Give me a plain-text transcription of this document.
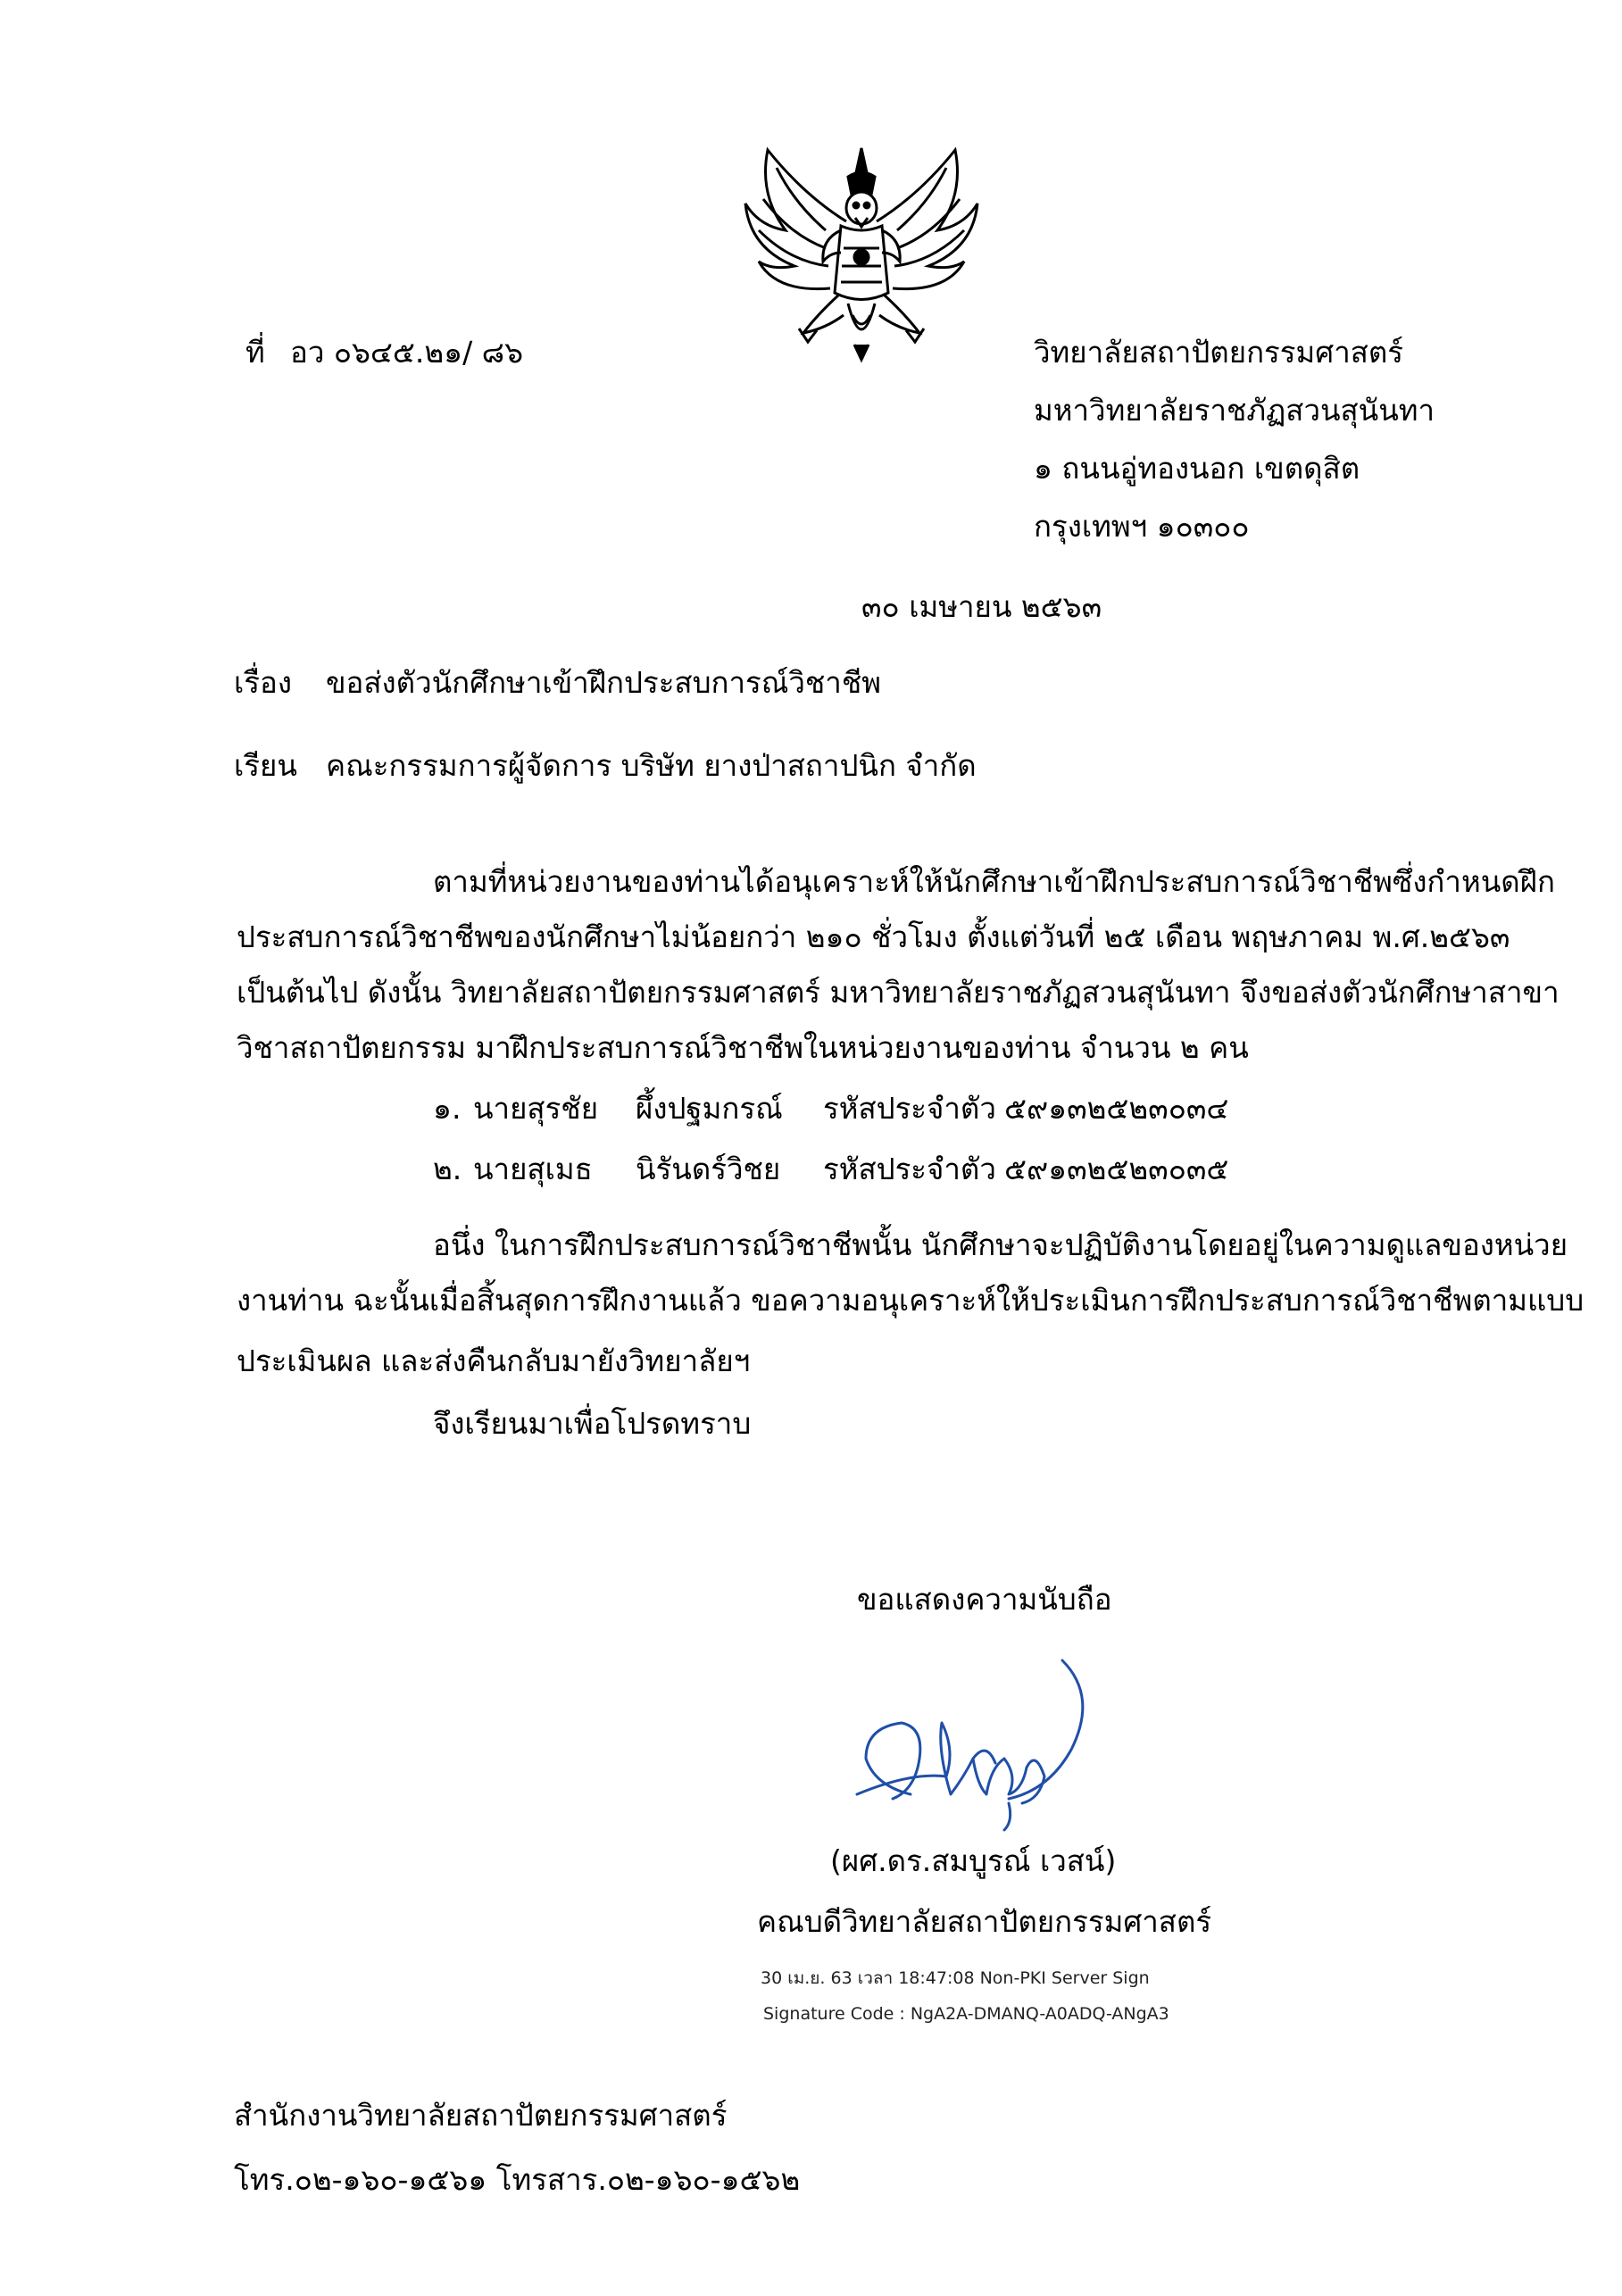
ที่ อว ๐๖๔๕.๒๑/ ๘๖	วิทยาลัยสถาปัตยกรรมศาสตร์
มหาวิทยาลัยราชภัฏสวนสุนันทา
๑ ถนนอู่ทองนอก เขตดุสิต
กรุงเทพฯ ๑๐๓๐๐
๓๐ เมษายน ๒๕๖๓
เรื่อง ขอส่งตัวนักศึกษาเข้าฝึกประสบการณ์วิชาชีพ
เรียน คณะกรรมการผู้จัดการ บริษัท ยางป่าสถาปนิก จำกัด
ตามที่หน่วยงานของท่านได้อนุเคราะห์ให้นักศึกษาเข้าฝึกประสบการณ์วิชาชีพซึ่งกำหนดฝึก
ประสบการณ์วิชาชีพของนักศึกษาไม่น้อยกว่า ๒๑๐ ชั่วโมง ตั้งแต่วันที่ ๒๕ เดือน พฤษภาคม พ.ศ.๒๕๖๓
เป็นต้นไป ดังนั้น วิทยาลัยสถาปัตยกรรมศาสตร์ มหาวิทยาลัยราชภัฏสวนสุนันทา จึงขอส่งตัวนักศึกษาสาขา
วิชาสถาปัตยกรรม มาฝึกประสบการณ์วิชาชีพในหน่วยงานของท่าน จำนวน ๒ คน
๑. นายสุรชัย ผึ้งปฐมกรณ์ รหัสประจำตัว ๕๙๑๓๒๕๒๓๐๓๔
๒. นายสุเมธ นิรันดร์วิชย รหัสประจำตัว ๕๙๑๓๒๕๒๓๐๓๕
อนึ่ง ในการฝึกประสบการณ์วิชาชีพนั้น นักศึกษาจะปฏิบัติงานโดยอยู่ในความดูแลของหน่วย
งานท่าน ฉะนั้นเมื่อสิ้นสุดการฝึกงานแล้ว ขอความอนุเคราะห์ให้ประเมินการฝึกประสบการณ์วิชาชีพตามแบบ
ประเมินผล และส่งคืนกลับมายังวิทยาลัยฯ
จึงเรียนมาเพื่อโปรดทราบ
ขอแสดงความนับถือ
(ผศ.ดร.สมบูรณ์ เวสน์)
คณบดีวิทยาลัยสถาปัตยกรรมศาสตร์
30 เม.ย. 63 เวลา 18:47:08 Non-PKI Server Sign
Signature Code : NgA2A-DMANQ-A0ADQ-ANgA3
สำนักงานวิทยาลัยสถาปัตยกรรมศาสตร์
โทร.๐๒-๑๖๐-๑๕๖๑ โทรสาร.๐๒-๑๖๐-๑๕๖๒
